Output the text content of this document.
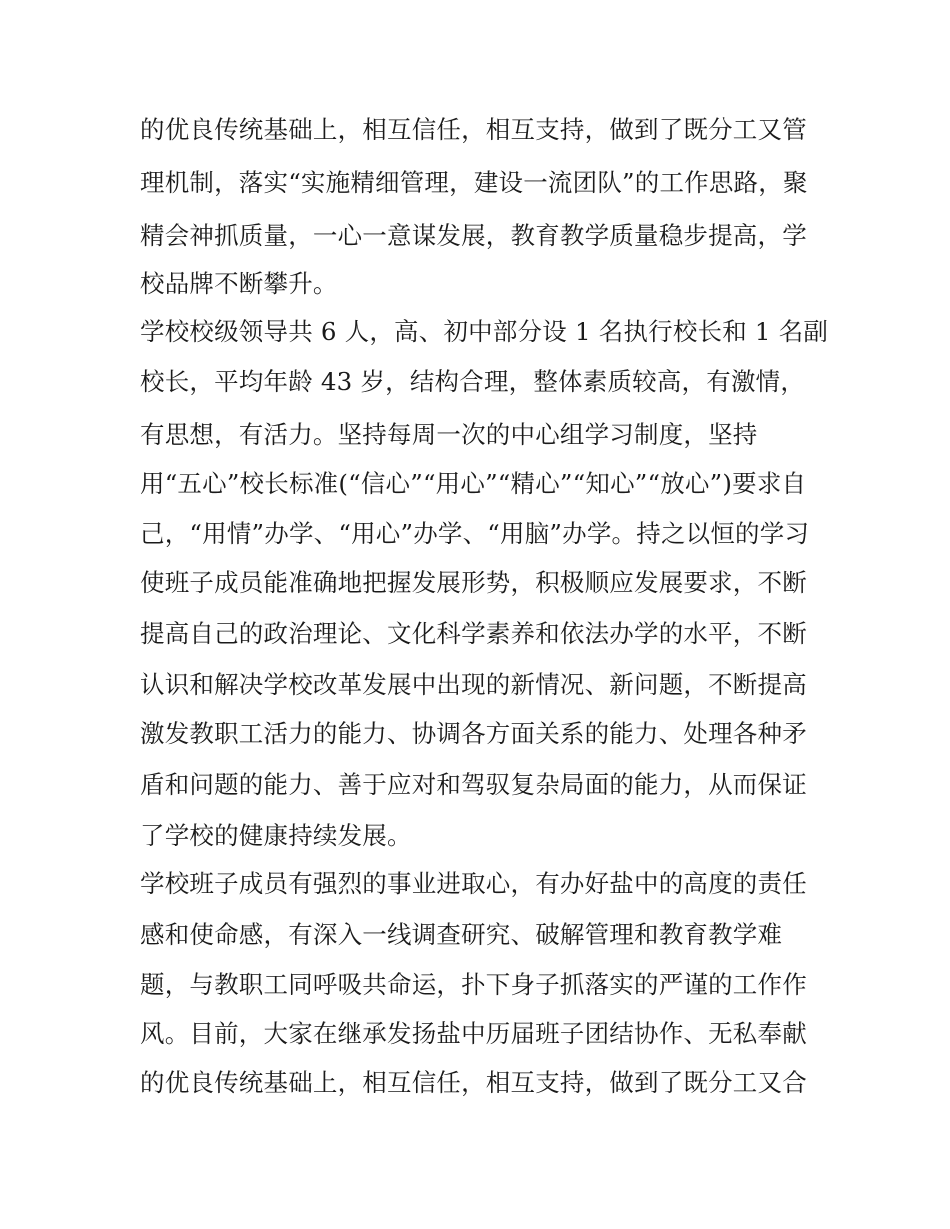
的优良传统基础上，相互信任，相互支持，做到了既分工又管
理机制，落实“实施精细管理，建设一流团队”的工作思路，聚
精会神抓质量，一心一意谋发展，教育教学质量稳步提高，学
校品牌不断攀升。
学校校级领导共 6 人，高、初中部分设 1 名执行校长和 1 名副
校长，平均年龄 43 岁，结构合理，整体素质较高，有激情，
有思想，有活力。坚持每周一次的中心组学习制度，坚持
用“五心”校长标准(“信心”“用心”“精心”“知心”“放心”)要求自
己，“用情”办学、“用心”办学、“用脑”办学。持之以恒的学习
使班子成员能准确地把握发展形势，积极顺应发展要求，不断
提高自己的政治理论、文化科学素养和依法办学的水平，不断
认识和解决学校改革发展中出现的新情况、新问题，不断提高
激发教职工活力的能力、协调各方面关系的能力、处理各种矛
盾和问题的能力、善于应对和驾驭复杂局面的能力，从而保证
了学校的健康持续发展。
学校班子成员有强烈的事业进取心，有办好盐中的高度的责任
感和使命感，有深入一线调查研究、破解管理和教育教学难
题，与教职工同呼吸共命运，扑下身子抓落实的严谨的工作作
风。目前，大家在继承发扬盐中历届班子团结协作、无私奉献
的优良传统基础上，相互信任，相互支持，做到了既分工又合
